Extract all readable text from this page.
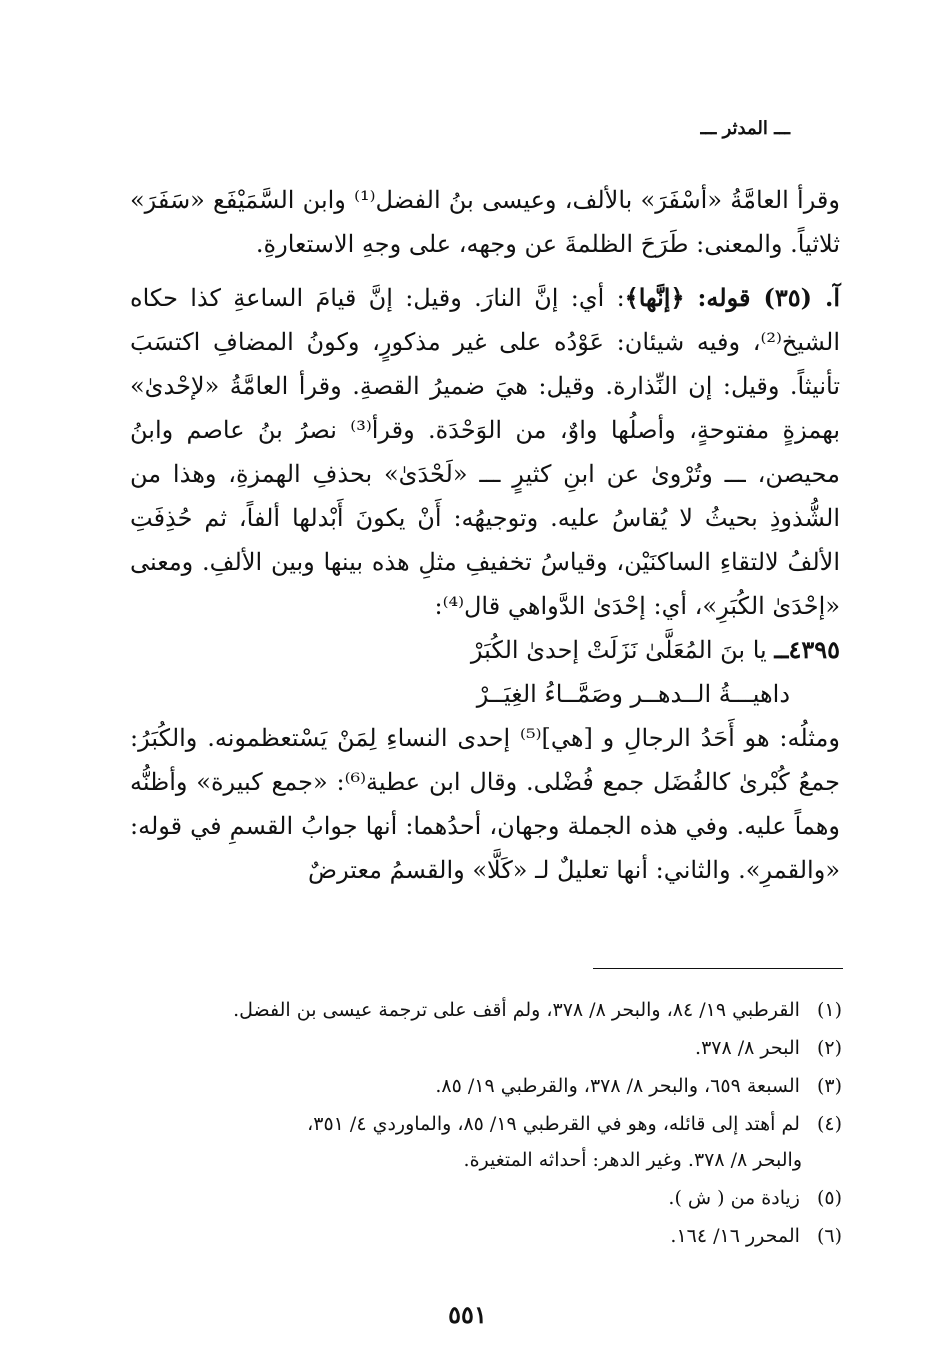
ـــ المدثر ـــ

وقرأ العامَّةُ «أسْفَرَ» بالألف، وعيسى بنُ الفضل⁽¹⁾ وابن السَّمَيْفَع «سَفَرَ» ثلاثياً. والمعنى: طَرَحَ الظلمةَ عن وجهه، على وجهِ الاستعارةِ.

آ. (٣٥) قوله: ﴿إنَّها﴾: أي: إنَّ النارَ. وقيل: إنَّ قيامَ الساعةِ كذا حكاه الشيخ⁽²⁾، وفيه شيئان: عَوْدُه على غير مذكورٍ، وكونُ المضافِ اكتسَبَ تأنيثاً. وقيل: إن النِّذارة. وقيل: هيَ ضميرُ القصةِ. وقرأ العامَّةُ «لإحْدىٰ» بهمزةٍ مفتوحةٍ، وأصلُها واوٌ، من الوَحْدَة. وقرأ⁽³⁾ نصرُ بنُ عاصم وابنُ محيصن، ـــ وتُرْوىٰ عن ابنِ كثيرٍ ـــ «لَحْدَىٰ» بحذفِ الهمزةِ، وهذا من الشُّذوذِ بحيثُ لا يُقاسُ عليه. وتوجيهُه: أَنْ يكونَ أَبْدلها ألفاً، ثم حُذِفَتِ الألفُ لالتقاءِ الساكنَيْن، وقياسُ تخفيفِ مثلِ هذه بينها وبين الألفِ. ومعنى «إحْدَىٰ الكُبَرِ»، أي: إحْدَىٰ الدَّواهي قال⁽⁴⁾:

٤٣٩٥ــ يا بنَ المُعَلَّىٰ نَزَلَتْ إحدىٰ الكُبَرْ

داهيـــةُ الــدهــر وصَمَّــاءُ الغِيَــرْ

ومثلُه: هو أَحَدُ الرجالِ و [هي]⁽⁵⁾ إحدى النساءِ لِمَنْ يَسْتعظمونه. والكُبَرُ: جمعُ كُبْرىٰ كالفُضَل جمع فُضْلى. وقال ابن عطية⁽⁶⁾: «جمع كبيرة» وأظنُّه وهماً عليه. وفي هذه الجملة وجهان، أحدُهما: أنها جوابُ القسمِ في قوله: «والقمرِ». والثاني: أنها تعليلٌ لـ «كَلَّا» والقسمُ معترضٌ

(١) القرطبي ١٩/ ٨٤، والبحر ٨/ ٣٧٨، ولم أقف على ترجمة عيسى بن الفضل.

(٢) البحر ٨/ ٣٧٨.

(٣) السبعة ٦٥٩، والبحر ٨/ ٣٧٨، والقرطبي ١٩/ ٨٥.

(٤) لم أهتد إلى قائله، وهو في القرطبي ١٩/ ٨٥، والماوردي ٤/ ٣٥١،
والبحر ٨/ ٣٧٨. وغير الدهر: أحداثه المتغيرة.

(٥) زيادة من ( ش ).

(٦) المحرر ١٦/ ١٦٤.

٥٥١
